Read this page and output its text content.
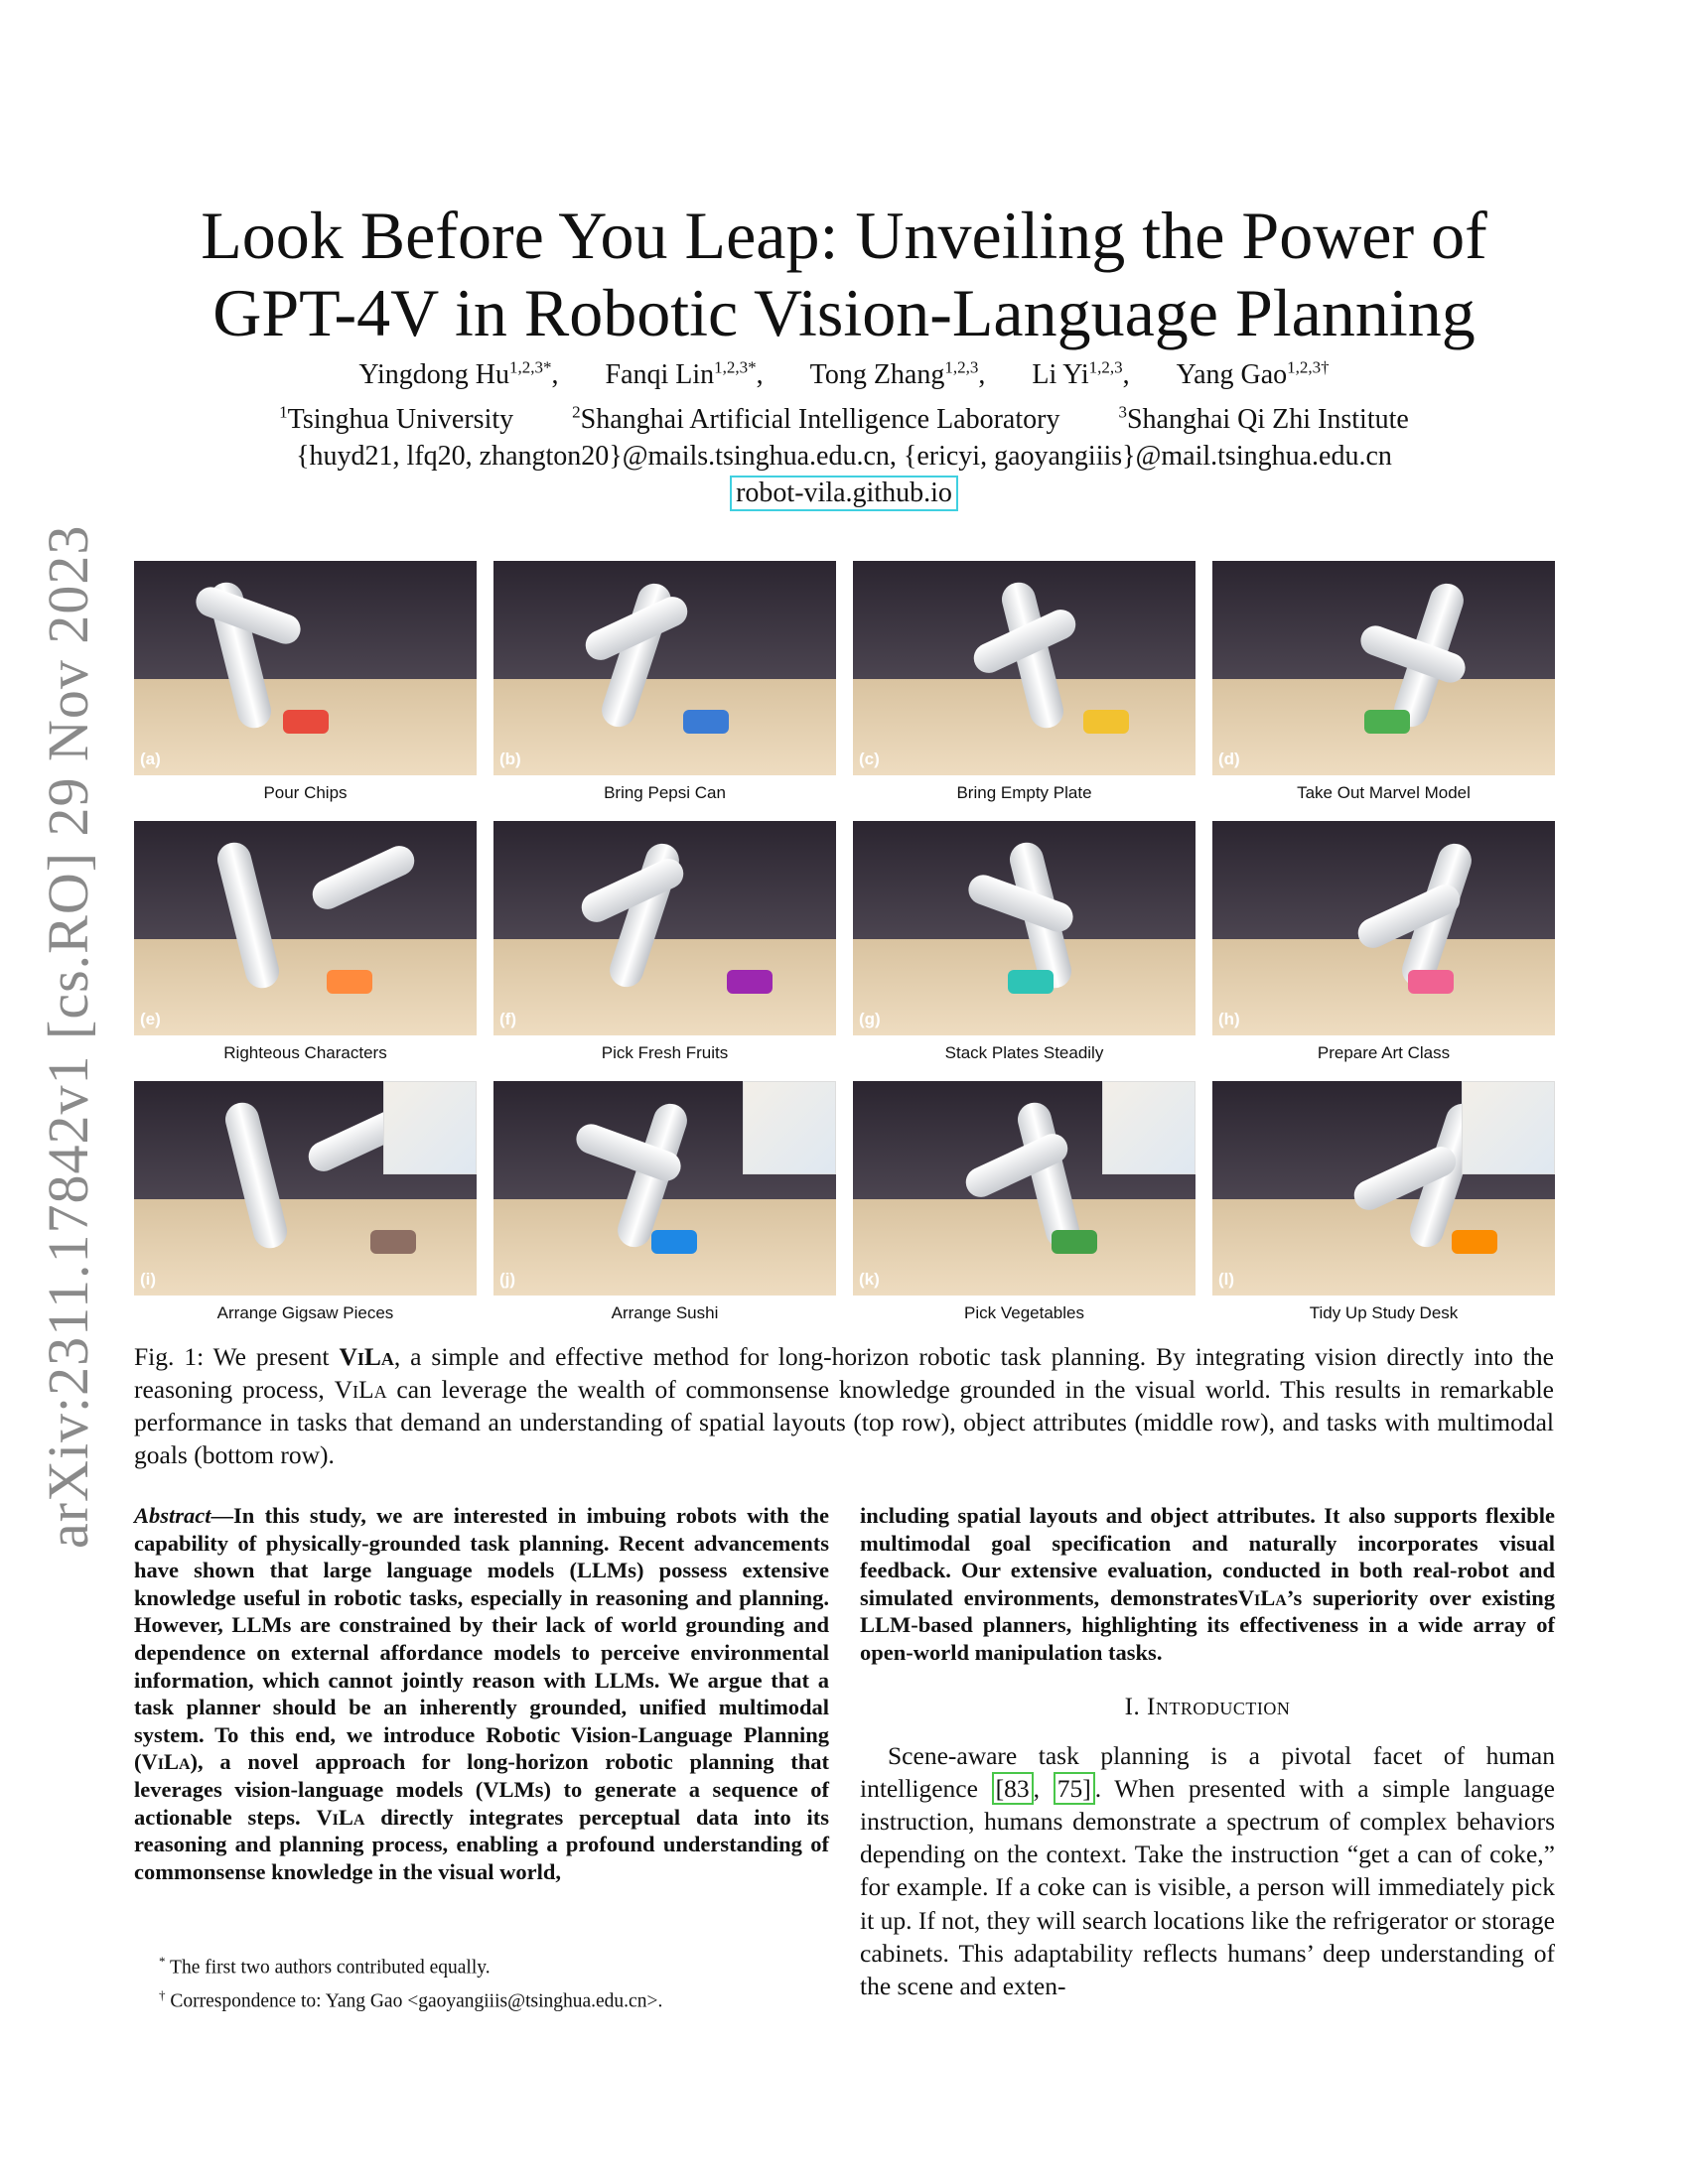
arXiv:2311.17842v1 [cs.RO] 29 Nov 2023
Look Before You Leap: Unveiling the Power of
GPT-4V in Robotic Vision-Language Planning
Yingdong $Hu^{1,2,3*}$, Fanqi Lin$^{1,2,3*}$, Tong Zhang$^{1,2,3}$, Li Yi$^{1,2,3}$, Yang Gao$^{1,2,3\dagger}$
$^1$Tsinghua University	$^2$Shanghai Artificial Intelligence Laboratory	$^3$Shanghai Qi Zhi Institute
{huyd21, lfq20, zhangton20}@mails.tsinghua.edu.cn, {ericyi, gaoyangiiis}@mail.tsinghua.edu.cn
robot-vila.github.io
(a)
Pour Chips
(b)
Bring Pepsi Can
(c)
Bring Empty Plate
(d)
Take Out Marvel Model
(e)
Righteous Characters
(f)
Pick Fresh Fruits
(g)
Stack Plates Steadily
(h)
Prepare Art Class
(i)
Arrange Gigsaw Pieces
(j)
Arrange Sushi
(k)
Pick Vegetables
(l)
Tidy Up Study Desk
Fig. 1: We present ViLa, a simple and effective method for long-horizon robotic task planning. By integrating vision directly into the reasoning process, ViLa can leverage the wealth of commonsense knowledge grounded in the visual world. This results in remarkable performance in tasks that demand an understanding of spatial layouts (top row), object attributes (middle row), and tasks with multimodal goals (bottom row).
Abstract—In this study, we are interested in imbuing robots with the capability of physically-grounded task planning. Recent advancements have shown that large language models (LLMs) possess extensive knowledge useful in robotic tasks, especially in reasoning and planning. However, LLMs are constrained by their lack of world grounding and dependence on external affordance models to perceive environmental information, which cannot jointly reason with LLMs. We argue that a task planner should be an inherently grounded, unified multimodal system. To this end, we introduce Robotic Vision-Language Planning (ViLa), a novel approach for long-horizon robotic planning that leverages vision-language models (VLMs) to generate a sequence of actionable steps. ViLa directly integrates perceptual data into its reasoning and planning process, enabling a profound understanding of commonsense knowledge in the visual world,
including spatial layouts and object attributes. It also supports flexible multimodal goal specification and naturally incorporates visual feedback. Our extensive evaluation, conducted in both real-robot and simulated environments, demonstratesViLa’s superiority over existing LLM-based planners, highlighting its effectiveness in a wide array of open-world manipulation tasks.
I. Introduction

Scene-aware task planning is a pivotal facet of human intelligence [83 , 75] . When presented with a simple language instruction, humans demonstrate a spectrum of complex behaviors depending on the context. Take the instruction “get a can of coke,” for example. If a coke can is visible, a person will immediately pick it up. If not, they will search locations like the refrigerator or storage cabinets. This adaptability reflects humans’ deep understanding of the scene and exten-

* The first two authors contributed equally.
† Correspondence to: Yang Gao <gaoyangiiis@tsinghua.edu.cn>.
